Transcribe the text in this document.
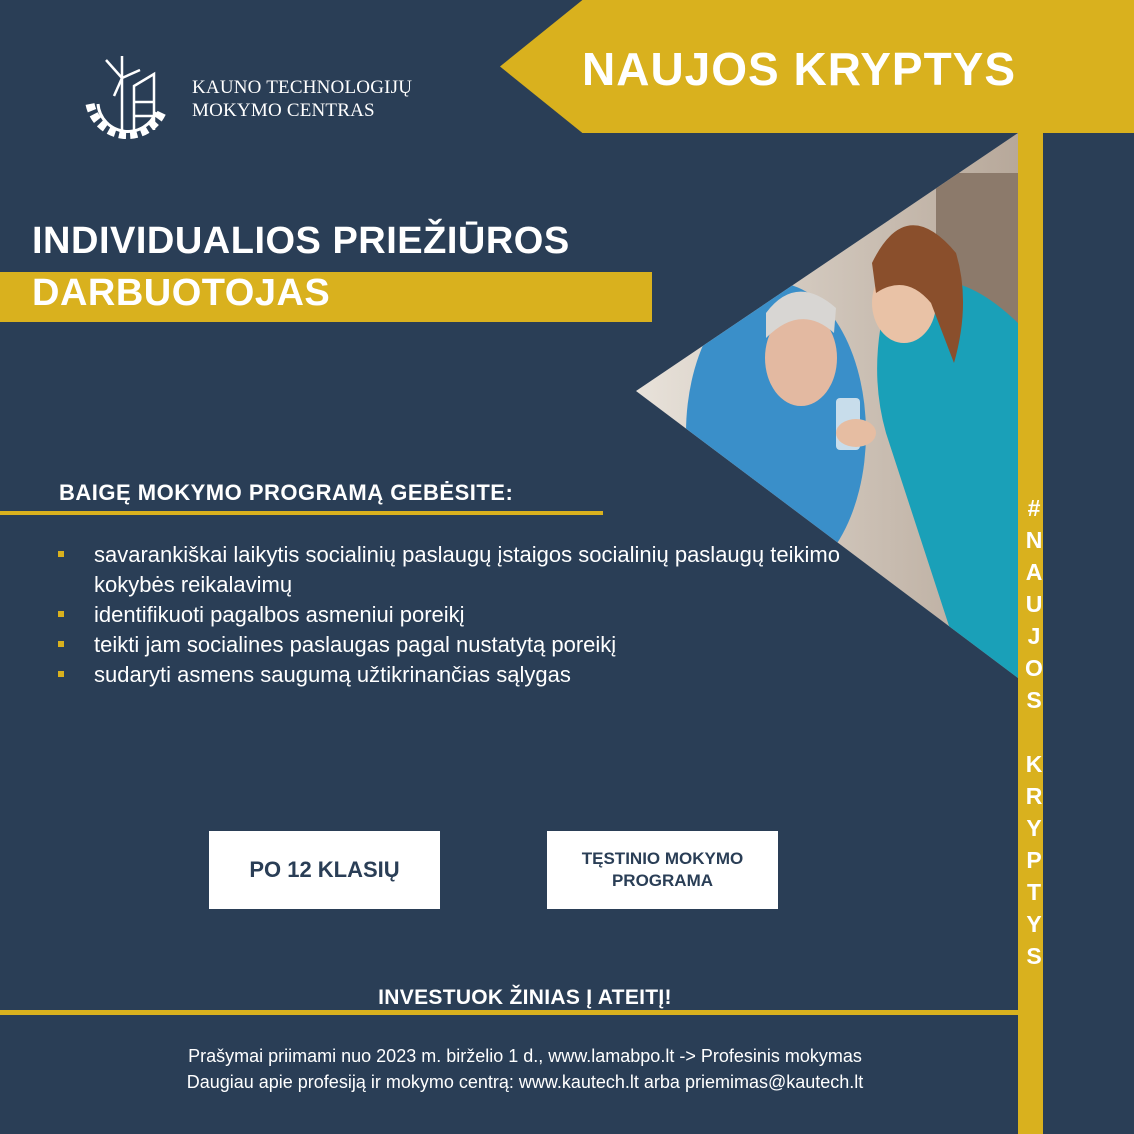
NAUJOS KRYPTYS
#
N
A
U
J
O
S
K
R
Y
P
T
Y
S
KAUNO TECHNOLOGIJŲ
MOKYMO CENTRAS
INDIVIDUALIOS PRIEŽIŪROS
DARBUOTOJAS
BAIGĘ MOKYMO PROGRAMĄ GEBĖSITE:
savarankiškai laikytis socialinių paslaugų įstaigos socialinių paslaugų teikimo kokybės reikalavimų
identifikuoti pagalbos asmeniui poreikį
teikti jam socialines paslaugas pagal nustatytą poreikį
sudaryti asmens saugumą užtikrinančias sąlygas
PO 12 KLASIŲ	TĘSTINIO MOKYMO PROGRAMA
INVESTUOK ŽINIAS Į ATEITĮ!
Prašymai priimami nuo 2023 m. birželio 1 d., www.lamabpo.lt -> Profesinis mokymas
Daugiau apie profesiją ir mokymo centrą: www.kautech.lt arba priemimas@kautech.lt
